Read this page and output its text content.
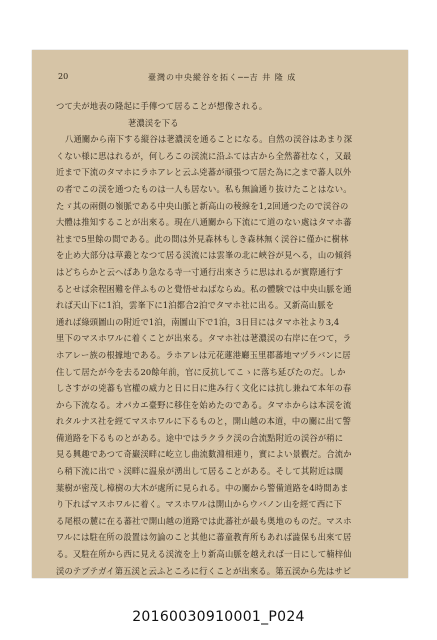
20	臺灣の中央縱谷を拓く──吉 井 隆 成
つて夫が地表の隆起に手傳つて居ることが想像される。
荖濃渓を下る
八通關から南下する縦谷は荖濃渓を通ることになる。自然の渓谷はあまり深
くない様に思はれるが，何しろこの渓流に沿ふては古から全然蕃社なく，又最
近まで下流のタマホにラホアレと云ふ兇蕃が頑張つて居た為に之まで蕃人以外
の者でこの渓を通つたものは一人も居ない。私も無論通り抜けたことはない。
たゞ其の兩側の嶺脈である中央山脈と新高山の稜線を1,2回通つたので渓谷の
大體は推知することが出來る。現在八通關から下流にて道のない處はタマホ蕃
社まで5里餘の間である。此の間は外見森林もしき森林無く渓谷に僅かに樹林
を止め大部分は草叢となつて居る渓流には雲峯の北に峽谷が見へる，山の傾斜
はどちらかと云へばあり急なる寺一寸通行出來さうに思はれるが實際通行す
るとせば余程困難を伴ふものと覺悟せねばならぬ。私の體験では中央山脈を通
れば天山下に1泊，雲峯下に1泊都合2泊でタマホ社に出る。又新高山脈を
通れば綠頭圖山の附近で1泊，南圖山下で1泊，3日目にはタマホ社より3,4
里下のマスホワルに着くことが出來る。タマホ社は荖濃渓の右岸に在つて，ラ
ホアレー族の根據地である。ラホアレは元花蓮港廳玉里郡蕃地マヅラバンに居
住して居たが今を去る20餘年前，官に反抗してこゝに落ち延びたのだ。しか
しさすがの兇蕃も官權の威力と日に日に進み行く文化には抗し兼ねて本年の春
から下流なる。オパカエ臺野に移住を始めたのである。タマホからは本渓を流
れタルナス社を經てマスホワルに下るものと，開山越の本道，中の關に出て警
備道路を下るものとがある。途中ではラクラク渓の合流點附近の渓谷が稍に
見る興趣であつて奇巖渓畔に屹立し曲流數淵相連り，實によい景觀だ。合流か
ら稍下流に出でゝ渓畔に温泉が湧出して居ることがある。そして其附近は闊
葉樹が密茂し樟樹の大木が處所に見られる。中の關から警備道路を4時間あま
り下ればマスホワルに着く。マスホワルは開山からウバノン山を經て西に下
る尾根の麓に在る蕃社で開山越の道路では此蕃社が最も奥地のものだ。マスホ
ワルには駐在所の設置は勿論のこと其他に蕃童教育所もあれば澁保も出來て居
る。又駐在所から西に見える渓流を上り新高山脈を越えれば一日にして楠梓仙
渓のテブテガイ第五渓と云ふところに行くことが出來る。第五渓から先はサビ
20160030910001_P024
